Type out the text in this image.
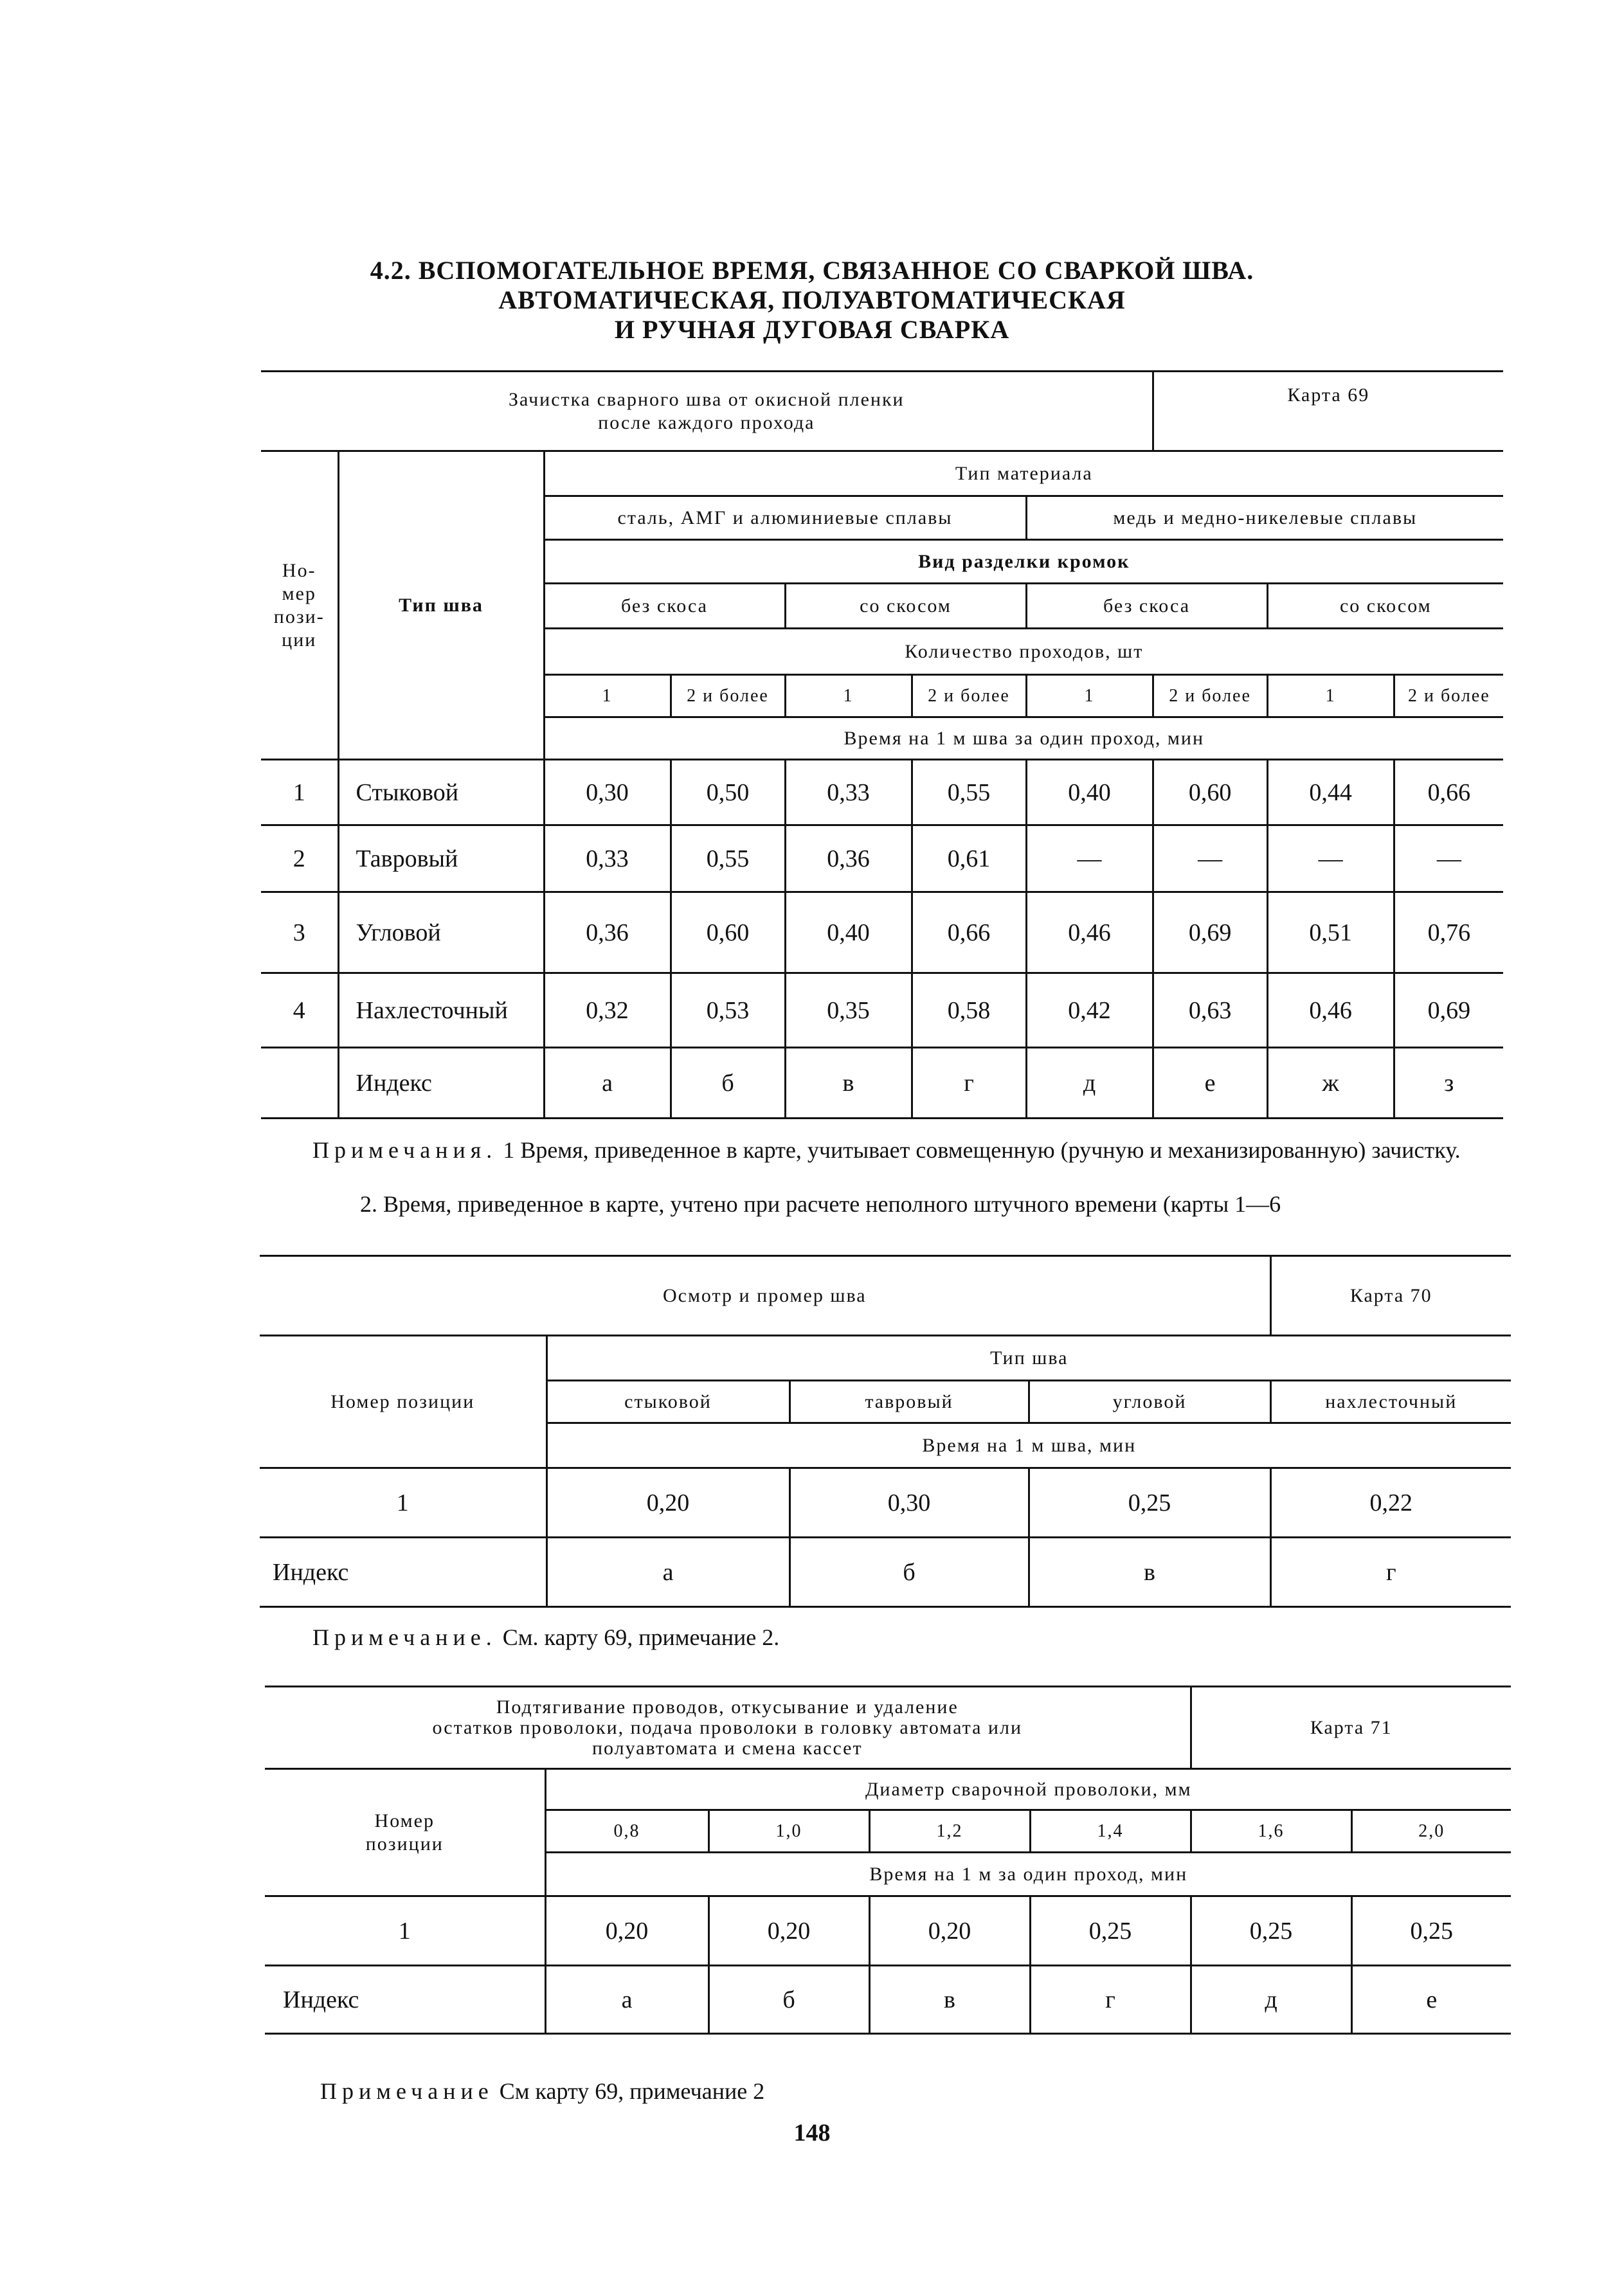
4.2. ВСПОМОГАТЕЛЬНОЕ ВРЕМЯ, СВЯЗАННОЕ СО СВАРКОЙ ШВА.
АВТОМАТИЧЕСКАЯ, ПОЛУАВТОМАТИЧЕСКАЯ
И РУЧНАЯ ДУГОВАЯ СВАРКА
Зачистка сварного шва от окисной пленки
после каждого прохода							Карта 69		
Но-
мер
пози-
ции	Тип шва	Тип материала							
		сталь, АМГ и алюминиевые сплавы				медь и медно-никелевые сплавы			
		Вид разделки кромок							
		без скоса		со скосом		без скоса		со скосом	
		Количество проходов, шт							
		1	2 и более	1	2 и более	1	2 и более	1	2 и более
		Время на 1 м шва за один проход, мин							
1	Стыковой	0,30	0,50	0,33	0,55	0,40	0,60	0,44	0,66
2	Тавровый	0,33	0,55	0,36	0,61	—	—	—	—
3	Угловой	0,36	0,60	0,40	0,66	0,46	0,69	0,51	0,76
4	Нахлесточный	0,32	0,53	0,35	0,58	0,42	0,63	0,46	0,69
	Индекс	а	б	в	г	д	е	ж	з
Примечания. 1 Время, приведенное в карте, учитывает совмещенную (ручную и механизированную) зачистку.
2. Время, приведенное в карте, учтено при расчете неполного штучного времени (карты 1—6
Осмотр и промер шва				Карта 70
Номер позиции	Тип шва			
	стыковой	тавровый	угловой	нахлесточный
	Время на 1 м шва, мин			
1	0,20	0,30	0,25	0,22
Индекс	а	б	в	г
Примечание. См. карту 69, примечание 2.
Подтягивание проводов, откусывание и удаление
остатков проволоки, подача проволоки в головку автомата или
полуавтомата и смена кассет					Карта 71	
Номер
позиции	Диаметр сварочной проволоки, мм					
	0,8	1,0	1,2	1,4	1,6	2,0
	Время на 1 м за один проход, мин					
1	0,20	0,20	0,20	0,25	0,25	0,25
Индекс	а	б	в	г	д	е
Примечание См карту 69, примечание 2
148
